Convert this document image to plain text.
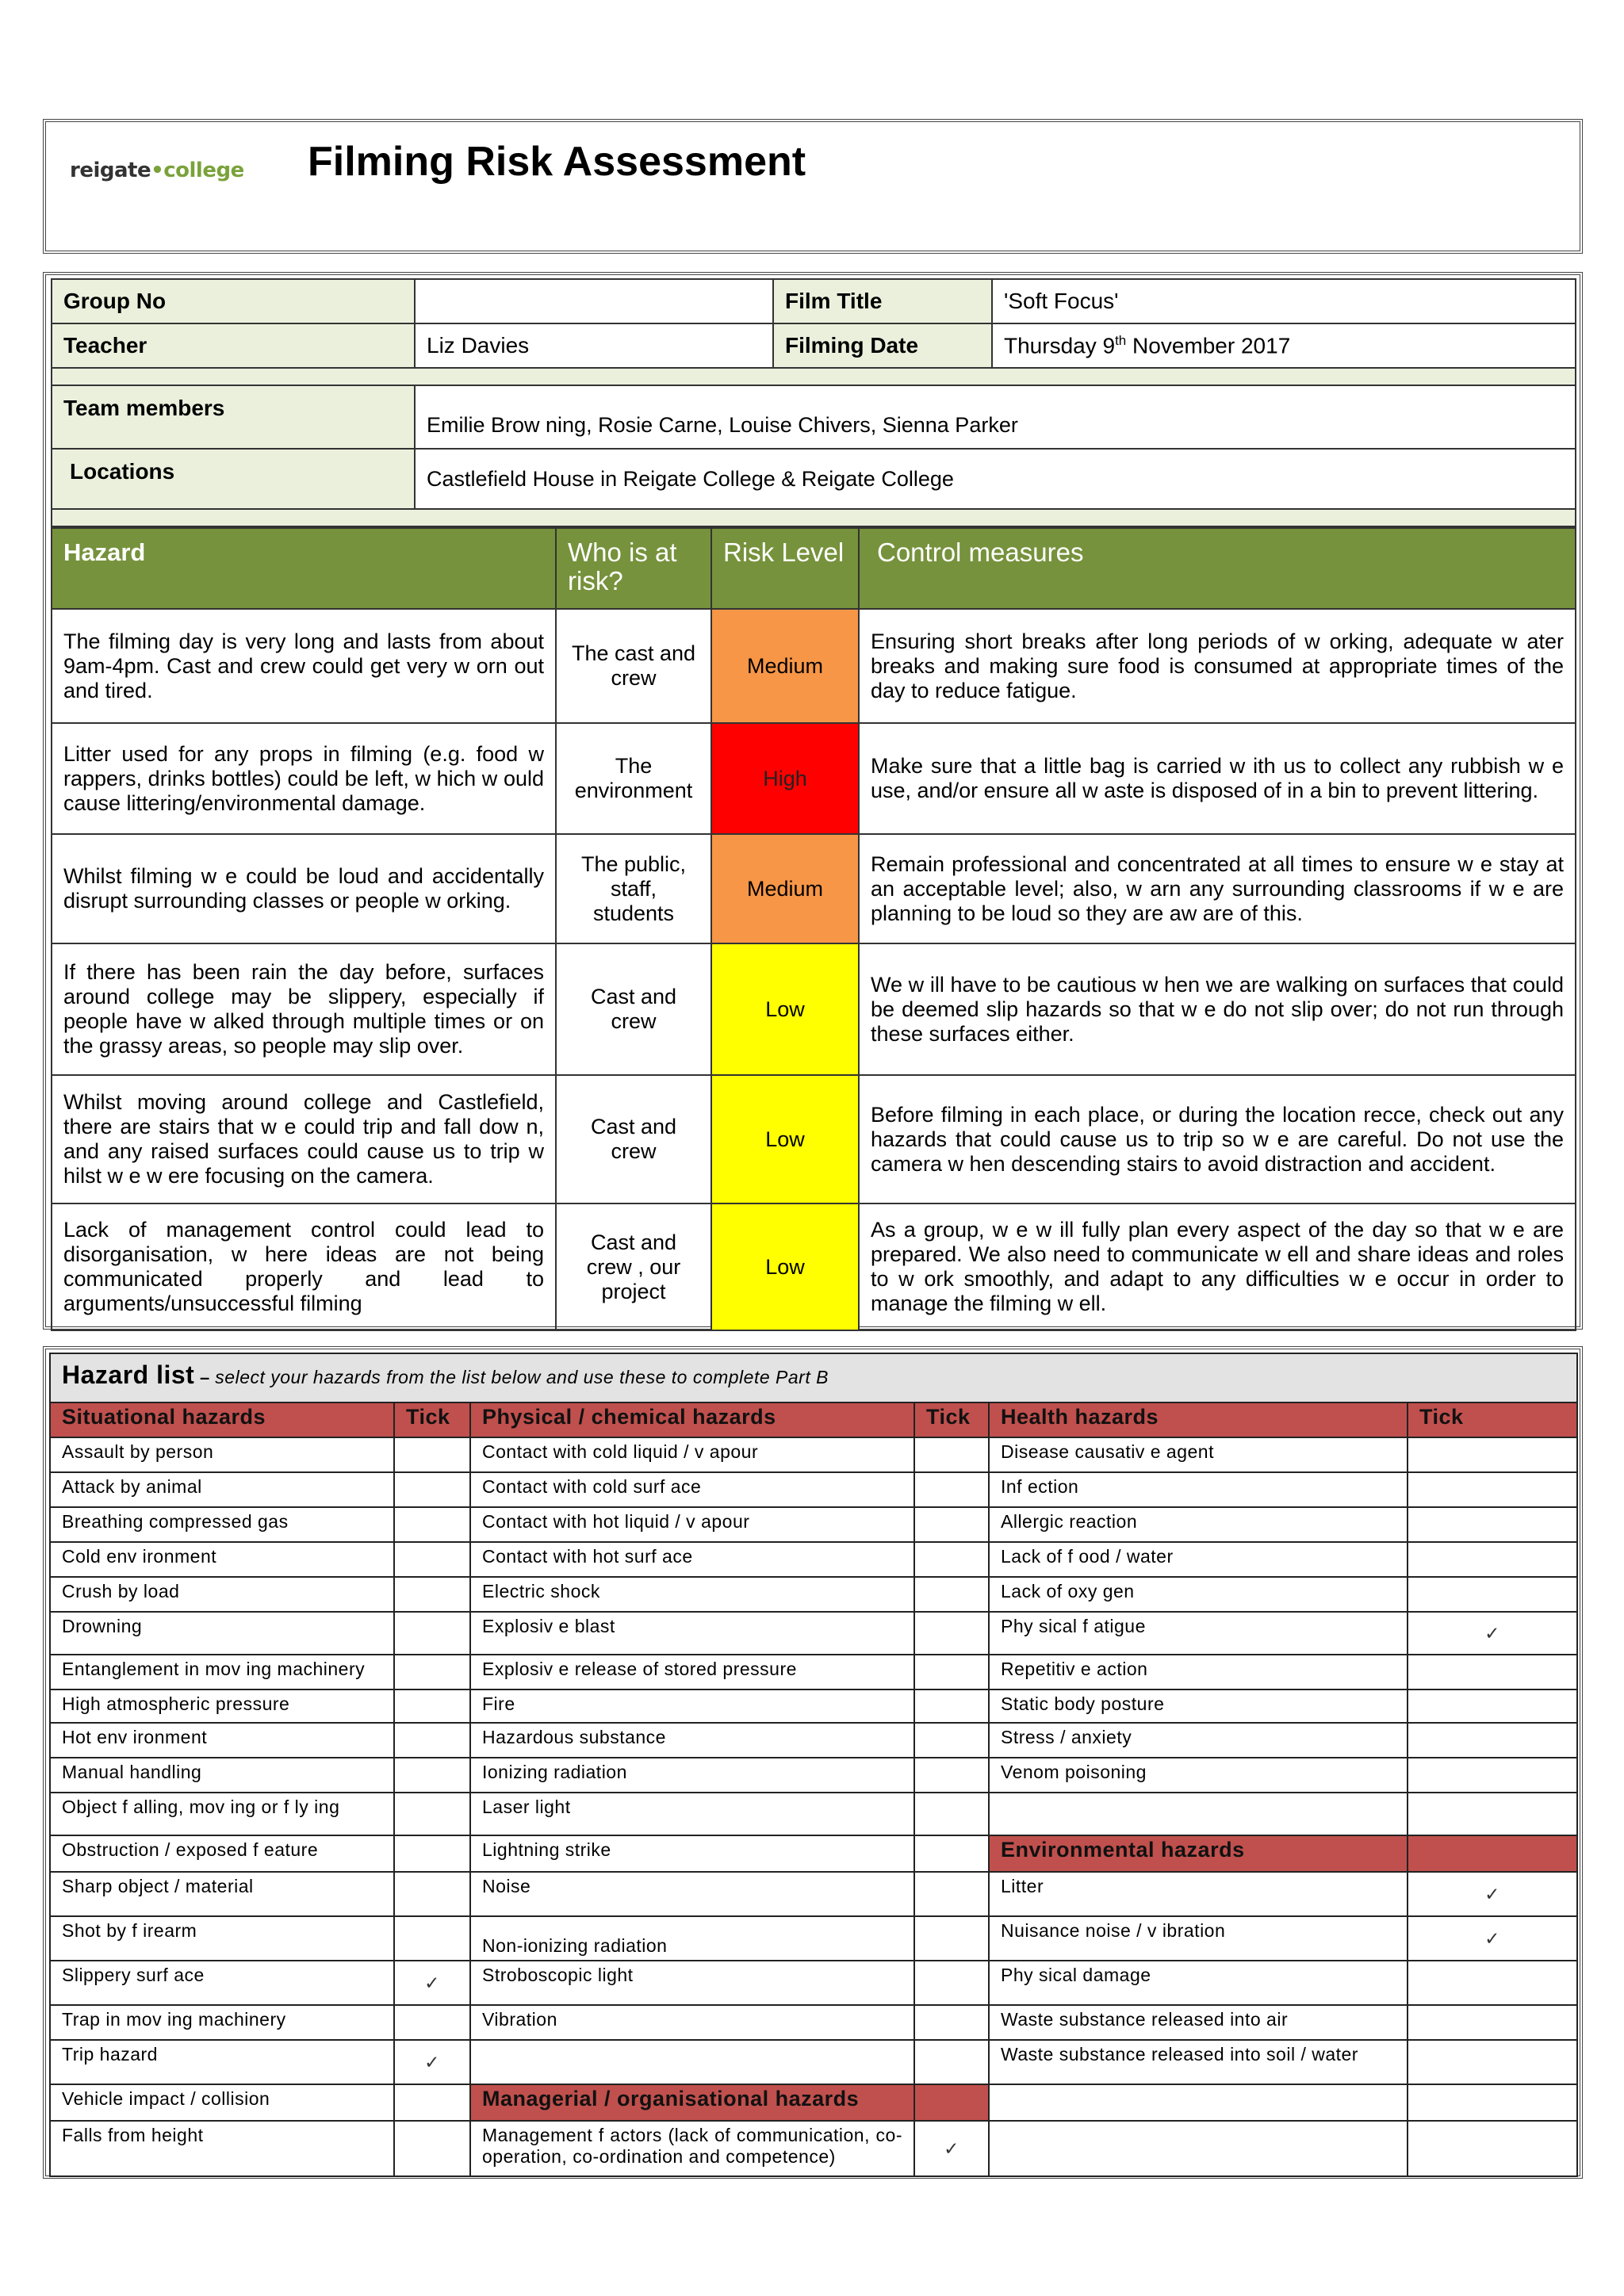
reigate•college Filming Risk Assessment
Group No		Film Title	'Soft Focus'
Teacher	Liz Davies	Filming Date	Thursday 9th November 2017

Team members	Emilie Brow ning, Rosie Carne, Louise Chivers, Sienna Parker		
Locations	Castlefield House in Reigate College & Reigate College		

Hazard	Who is at risk?	Risk Level	Control measures
The filming day is very long and lasts from about 9am-4pm. Cast and crew could get very w orn out and tired.	The cast and crew	Medium	Ensuring short breaks after long periods of w orking, adequate w ater breaks and making sure food is consumed at appropriate times of the day to reduce fatigue.
Litter used for any props in filming (e.g. food w rappers, drinks bottles) could be left, w hich w ould cause littering/environmental damage.	The environment	High	Make sure that a little bag is carried w ith us to collect any rubbish w e use, and/or ensure all w aste is disposed of in a bin to prevent littering.
Whilst filming w e could be loud and accidentally disrupt surrounding classes or people w orking.	The public, staff, students	Medium	Remain professional and concentrated at all times to ensure w e stay at an acceptable level; also, w arn any surrounding classrooms if w e are planning to be loud so they are aw are of this.
If there has been rain the day before, surfaces around college may be slippery, especially if people have w alked through multiple times or on the grassy areas, so people may slip over.	Cast and crew	Low	We w ill have to be cautious w hen we are walking on surfaces that could be deemed slip hazards so that w e do not slip over; do not run through these surfaces either.
Whilst moving around college and Castlefield, there are stairs that w e could trip and fall dow n, and any raised surfaces could cause us to trip w hilst w e w ere focusing on the camera.	Cast and crew	Low	Before filming in each place, or during the location recce, check out any hazards that could cause us to trip so w e are careful. Do not use the camera w hen descending stairs to avoid distraction and accident.
Lack of management control could lead to disorganisation, w here ideas are not being communicated properly and lead to arguments/unsuccessful filming	Cast and crew , our project	Low	As a group, w e w ill fully plan every aspect of the day so that w e are prepared. We also need to communicate w ell and share ideas and roles to w ork smoothly, and adapt to any difficulties w e occur in order to manage the filming w ell.
Hazard list – select your hazards from the list below and use these to complete Part B					
Situational hazards	Tick	Physical / chemical hazards	Tick	Health hazards	Tick
Assault by person		Contact with cold liquid / v apour		Disease causativ e agent	
Attack by animal		Contact with cold surf ace		Inf ection	
Breathing compressed gas		Contact with hot liquid / v apour		Allergic reaction	
Cold env ironment		Contact with hot surf ace		Lack of f ood / water	
Crush by load		Electric shock		Lack of oxy gen	
Drowning		Explosiv e blast		Phy sical f atigue	✓
Entanglement in mov ing machinery		Explosiv e release of stored pressure		Repetitiv e action	
High atmospheric pressure		Fire		Static body posture	
Hot env ironment		Hazardous substance		Stress / anxiety	
Manual handling		Ionizing radiation		Venom poisoning	
Object f alling, mov ing or f ly ing		Laser light			
Obstruction / exposed f eature		Lightning strike		Environmental hazards	
Sharp object / material		Noise		Litter	✓
Shot by f irearm		Non-ionizing radiation		Nuisance noise / v ibration	✓
Slippery surf ace	✓	Stroboscopic light		Phy sical damage	
Trap in mov ing machinery		Vibration		Waste substance released into air	
Trip hazard	✓			Waste substance released into soil / water	
Vehicle impact / collision		Managerial / organisational hazards			
Falls from height		Management f actors (lack of communication, co-operation, co-ordination and competence)	✓		
